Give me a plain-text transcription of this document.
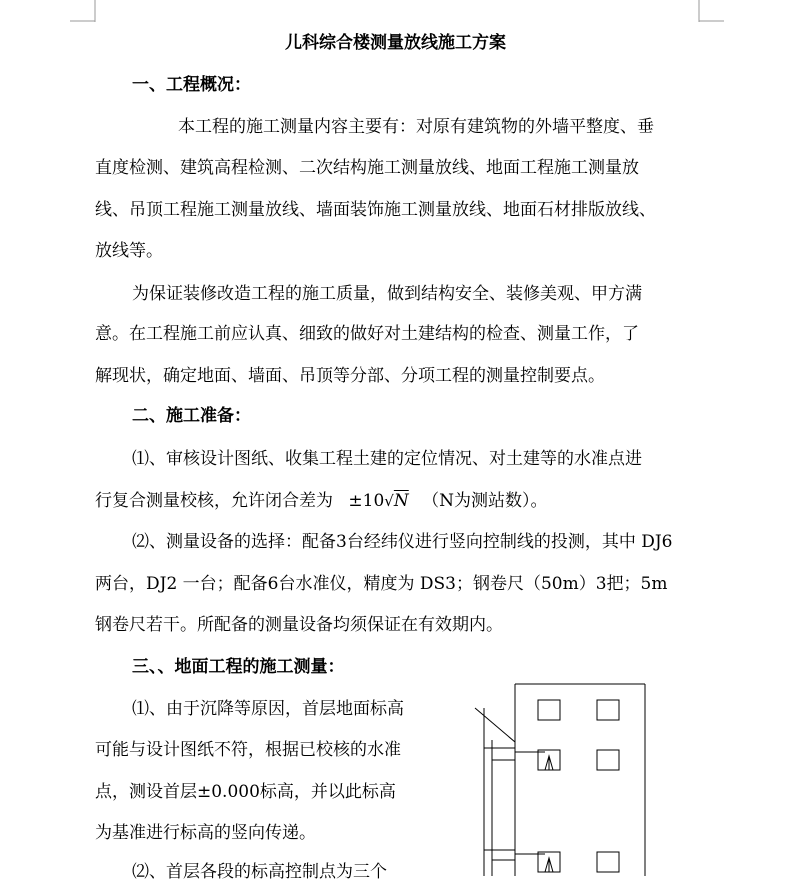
儿科综合楼测量放线施工方案
一、工程概况：
本工程的施工测量内容主要有：对原有建筑物的外墙平整度、垂
直度检测、建筑高程检测、二次结构施工测量放线、地面工程施工测量放
线、吊顶工程施工测量放线、墙面装饰施工测量放线、地面石材排版放线、
放线等。
为保证装修改造工程的施工质量，做到结构安全、装修美观、甲方满
意。在工程施工前应认真、细致的做好对土建结构的检查、测量工作，了
解现状，确定地面、墙面、吊顶等分部、分项工程的测量控制要点。
二、施工准备：
⑴、审核设计图纸、收集工程土建的定位情况、对土建等的水准点进
行复合测量校核，允许闭合差为 ±10√N （N为测站数）。
⑵、测量设备的选择：配备3台经纬仪进行竖向控制线的投测，其中 DJ6
两台，DJ2 一台；配备6台水准仪，精度为 DS3；钢卷尺（50m）3把；5m
钢卷尺若干。所配备的测量设备均须保证在有效期内。
三、、地面工程的施工测量：
⑴、由于沉降等原因，首层地面标高
可能与设计图纸不符，根据已校核的水准
点，测设首层±0.000标高，并以此标高
为基准进行标高的竖向传递。
⑵、首层各段的标高控制点为三个
